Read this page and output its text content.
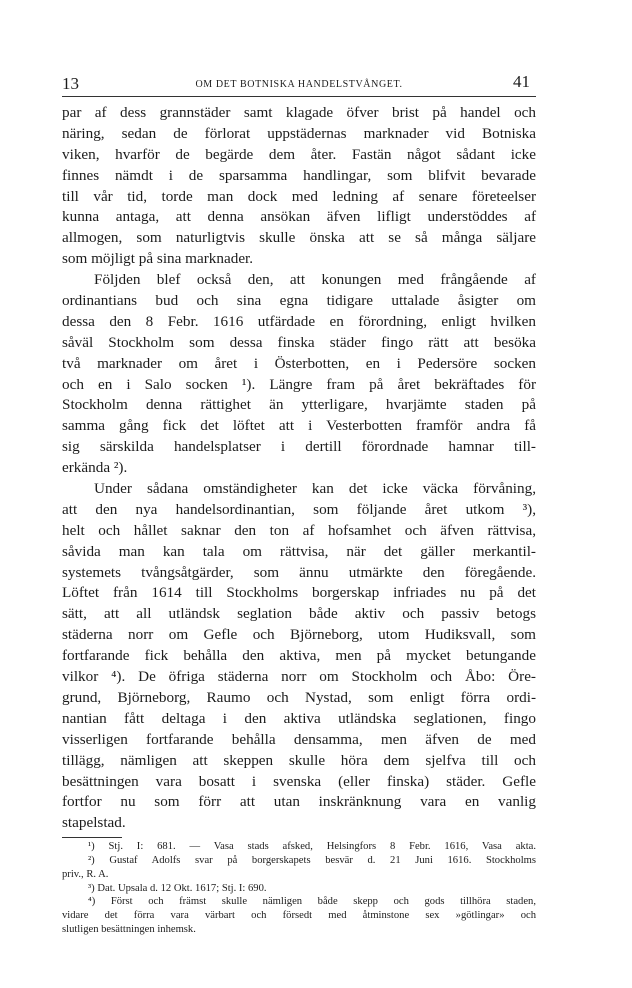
13	OM DET BOTNISKA HANDELSTVÅNGET.	41
par af dess grannstäder samt klagade öfver brist på handel och
näring, sedan de förlorat uppstädernas marknader vid Botniska
viken, hvarför de begärde dem åter. Fastän något sådant icke
finnes nämdt i de sparsamma handlingar, som blifvit bevarade
till vår tid, torde man dock med ledning af senare företeelser
kunna antaga, att denna ansökan äfven lifligt understöddes af
allmogen, som naturligtvis skulle önska att se så många säljare
som möjligt på sina marknader.
Följden blef också den, att konungen med frångående af
ordinantians bud och sina egna tidigare uttalade åsigter om
dessa den 8 Febr. 1616 utfärdade en förordning, enligt hvilken
såväl Stockholm som dessa finska städer fingo rätt att besöka
två marknader om året i Österbotten, en i Pedersöre socken
och en i Salo socken ¹). Längre fram på året bekräftades för
Stockholm denna rättighet än ytterligare, hvarjämte staden på
samma gång fick det löftet att i Vesterbotten framför andra få
sig särskilda handelsplatser i dertill förordnade hamnar till-
erkända ²).
Under sådana omständigheter kan det icke väcka förvåning,
att den nya handelsordinantian, som följande året utkom ³),
helt och hållet saknar den ton af hofsamhet och äfven rättvisa,
såvida man kan tala om rättvisa, när det gäller merkantil-
systemets tvångsåtgärder, som ännu utmärkte den föregående.
Löftet från 1614 till Stockholms borgerskap infriades nu på det
sätt, att all utländsk seglation både aktiv och passiv betogs
städerna norr om Gefle och Björneborg, utom Hudiksvall, som
fortfarande fick behålla den aktiva, men på mycket betungande
vilkor ⁴). De öfriga städerna norr om Stockholm och Åbo: Öre-
grund, Björneborg, Raumo och Nystad, som enligt förra ordi-
nantian fått deltaga i den aktiva utländska seglationen, fingo
visserligen fortfarande behålla densamma, men äfven de med
tillägg, nämligen att skeppen skulle höra dem sjelfva till och
besättningen vara bosatt i svenska (eller finska) städer. Gefle
fortfor nu som förr att utan inskränknung vara en vanlig
stapelstad.
¹) Stj. I: 681. — Vasa stads afsked, Helsingfors 8 Febr. 1616, Vasa akta.
²) Gustaf Adolfs svar på borgerskapets besvär d. 21 Juni 1616. Stockholms
priv., R. A.
³) Dat. Upsala d. 12 Okt. 1617; Stj. I: 690.
⁴) Först och främst skulle nämligen både skepp och gods tillhöra staden,
vidare det förra vara värbart och försedt med åtminstone sex »götlingar» och
slutligen besättningen inhemsk.
